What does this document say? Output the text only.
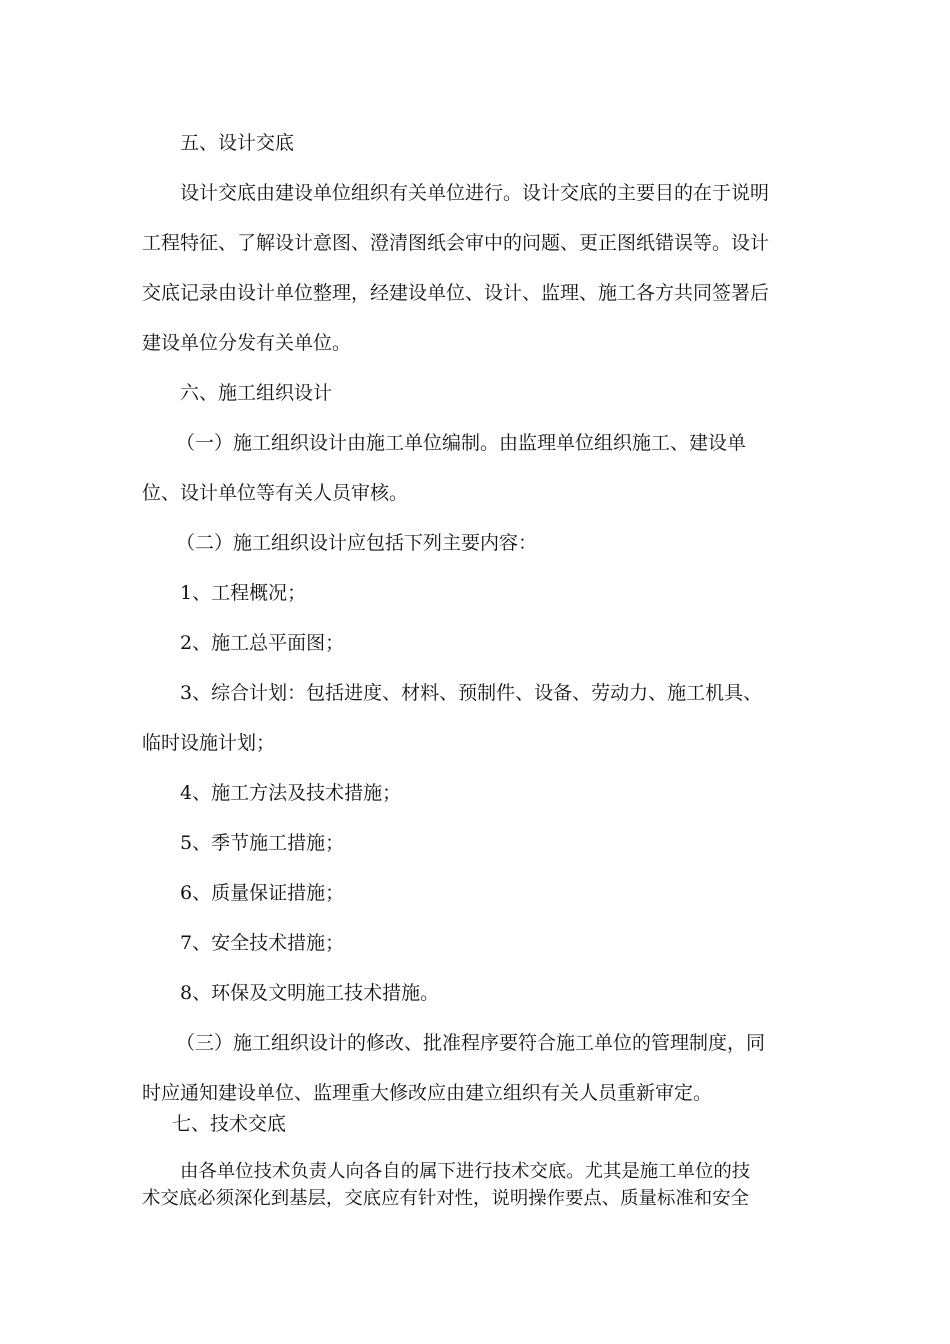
五、设计交底

设计交底由建设单位组织有关单位进行。设计交底的主要目的在于说明

工程特征、了解设计意图、澄清图纸会审中的问题、更正图纸错误等。设计

交底记录由设计单位整理，经建设单位、设计、监理、施工各方共同签署后

建设单位分发有关单位。

六、施工组织设计

（一）施工组织设计由施工单位编制。由监理单位组织施工、建设单

位、设计单位等有关人员审核。

（二）施工组织设计应包括下列主要内容：

1、工程概况；

2、施工总平面图；

3、综合计划：包括进度、材料、预制件、设备、劳动力、施工机具、

临时设施计划；

4、施工方法及技术措施；

5、季节施工措施；

6、质量保证措施；

7、安全技术措施；

8、环保及文明施工技术措施。

（三）施工组织设计的修改、批准程序要符合施工单位的管理制度，同

时应通知建设单位、监理重大修改应由建立组织有关人员重新审定。

七、技术交底

由各单位技术负责人向各自的属下进行技术交底。尤其是施工单位的技

术交底必须深化到基层，交底应有针对性，说明操作要点、质量标准和安全
